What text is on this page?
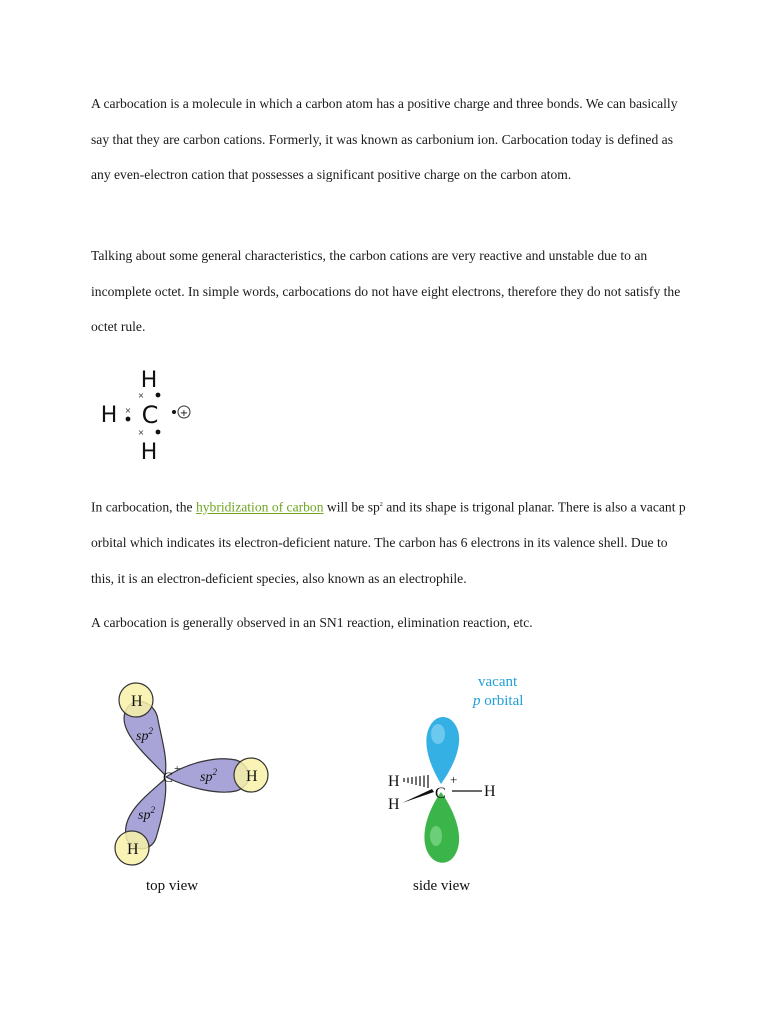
A carbocation is a molecule in which a carbon atom has a positive charge and three bonds. We can basically say that they are carbon cations. Formerly, it was known as carbonium ion. Carbocation today is defined as any even-electron cation that possesses a significant positive charge on the carbon atom.

Talking about some general characteristics, the carbon cations are very reactive and unstable due to an incomplete octet. In simple words, carbocations do not have eight electrons, therefore they do not satisfy the octet rule.

H
×
H × C +
×
H

In carbocation, the hybridization of carbon will be $sp^2$ and its shape is trigonal planar. There is also a vacant p orbital which indicates its electron-deficient nature. The carbon has 6 electrons in its valence shell. Due to this, it is an electron-deficient species, also known as an electrophile.

A carbocation is generally observed in an SN1 reaction, elimination reaction, etc.

H
H
H
$sp^2$
$sp^2$
$sp^2$
C
+
top view
vacant
p orbital
H
H
H
C
+
side view
